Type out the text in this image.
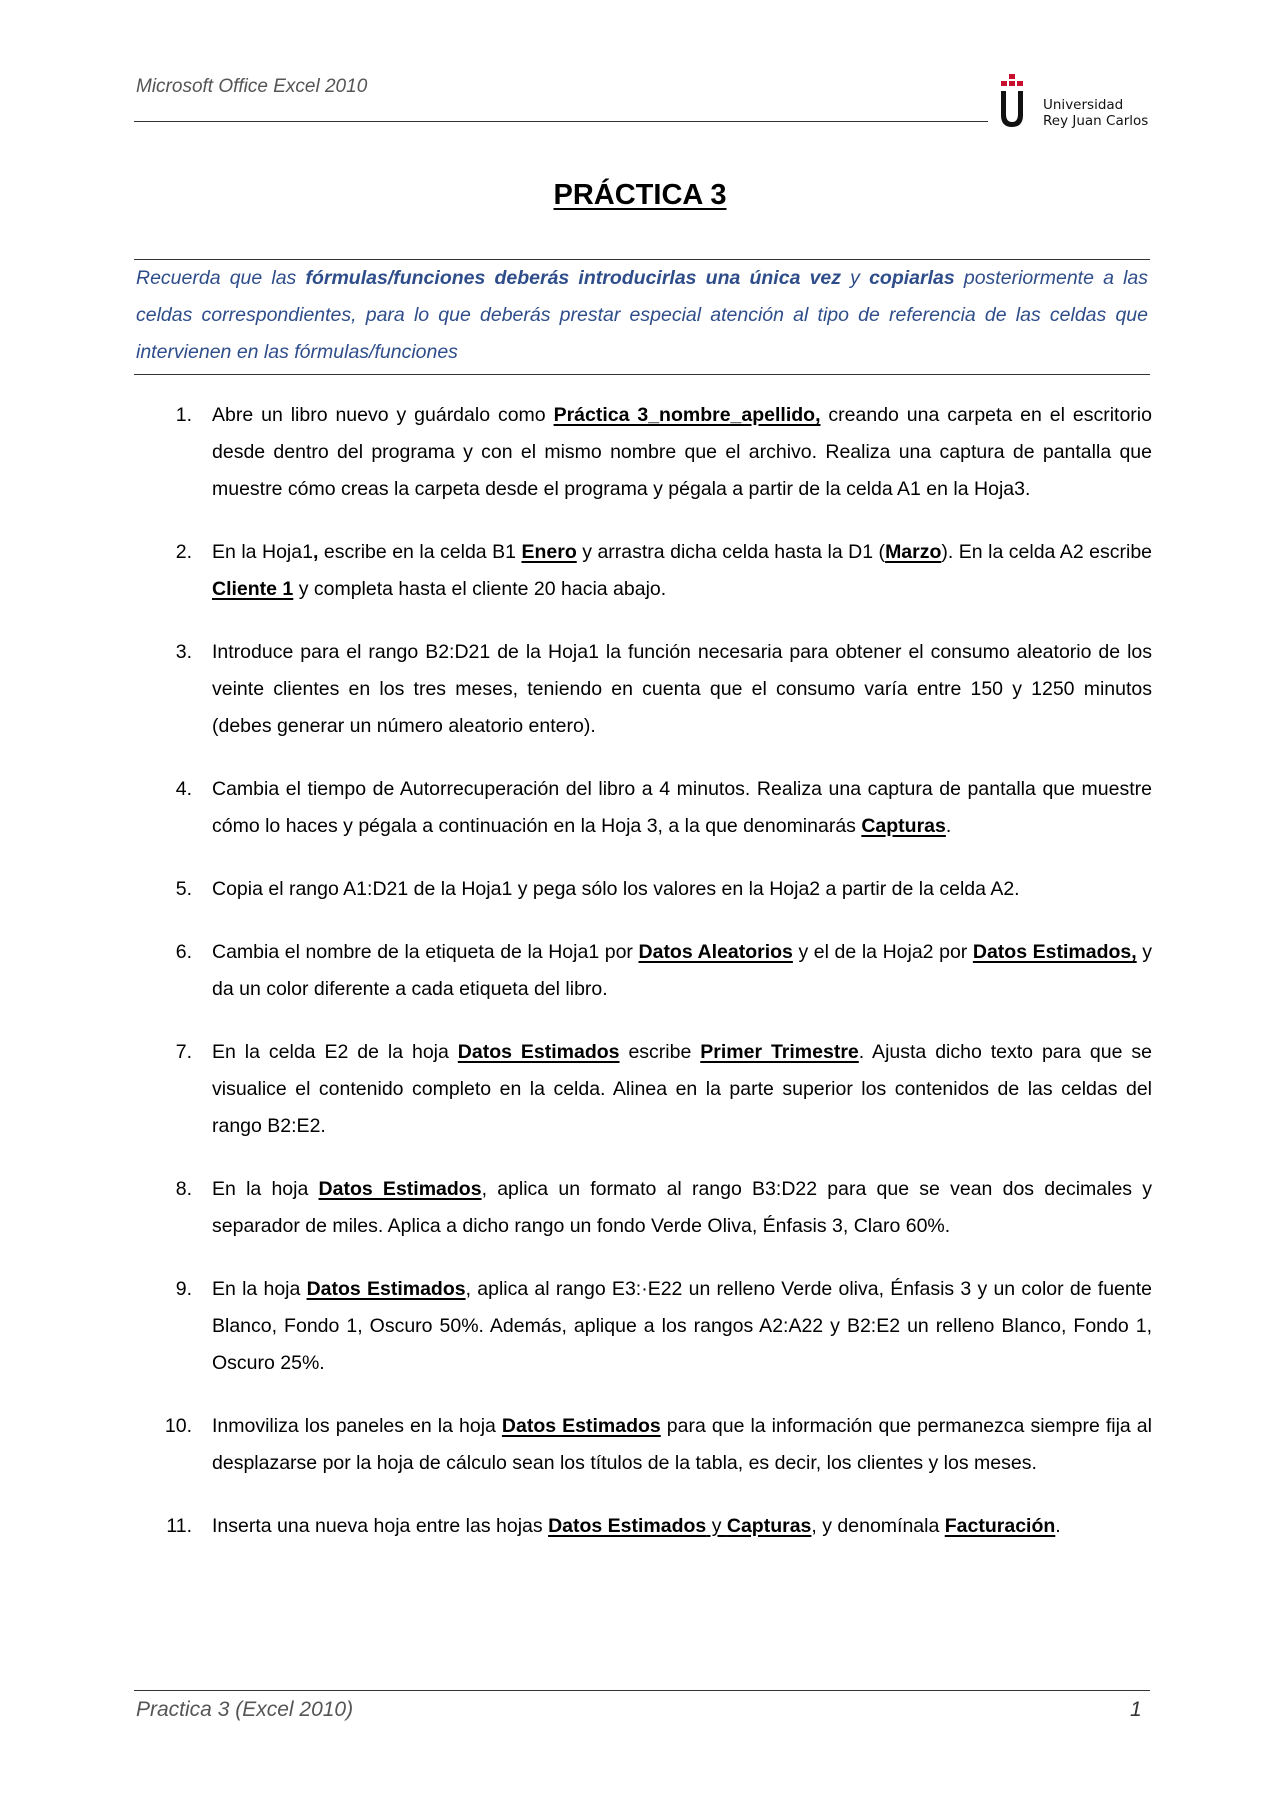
Microsoft Office Excel 2010
Universidad
Rey Juan Carlos
PRÁCTICA 3
Recuerda que las fórmulas/funciones deberás introducirlas una única vez y copiarlas posteriormente a las celdas correspondientes, para lo que deberás prestar especial atención al tipo de referencia de las celdas que intervienen en las fórmulas/funciones
1. Abre un libro nuevo y guárdalo como Práctica 3_nombre_apellido, creando una carpeta en el escritorio desde dentro del programa y con el mismo nombre que el archivo. Realiza una captura de pantalla que muestre cómo creas la carpeta desde el programa y pégala a partir de la celda A1 en la Hoja3.
2. En la Hoja1, escribe en la celda B1 Enero y arrastra dicha celda hasta la D1 (Marzo). En la celda A2 escribe Cliente 1 y completa hasta el cliente 20 hacia abajo.
3. Introduce para el rango B2:D21 de la Hoja1 la función necesaria para obtener el consumo aleatorio de los veinte clientes en los tres meses, teniendo en cuenta que el consumo varía entre 150 y 1250 minutos (debes generar un número aleatorio entero).
4. Cambia el tiempo de Autorrecuperación del libro a 4 minutos. Realiza una captura de pantalla que muestre cómo lo haces y pégala a continuación en la Hoja 3, a la que denominarás Capturas.
5. Copia el rango A1:D21 de la Hoja1 y pega sólo los valores en la Hoja2 a partir de la celda A2.
6. Cambia el nombre de la etiqueta de la Hoja1 por Datos Aleatorios y el de la Hoja2 por Datos Estimados, y da un color diferente a cada etiqueta del libro.
7. En la celda E2 de la hoja Datos Estimados escribe Primer Trimestre. Ajusta dicho texto para que se visualice el contenido completo en la celda. Alinea en la parte superior los contenidos de las celdas del rango B2:E2.
8. En la hoja Datos Estimados, aplica un formato al rango B3:D22 para que se vean dos decimales y separador de miles. Aplica a dicho rango un fondo Verde Oliva, Énfasis 3, Claro 60%.
9. En la hoja Datos Estimados, aplica al rango E3:·E22 un relleno Verde oliva, Énfasis 3 y un color de fuente Blanco, Fondo 1, Oscuro 50%. Además, aplique a los rangos A2:A22 y B2:E2 un relleno Blanco, Fondo 1, Oscuro 25%.
10. Inmoviliza los paneles en la hoja Datos Estimados para que la información que permanezca siempre fija al desplazarse por la hoja de cálculo sean los títulos de la tabla, es decir, los clientes y los meses.
11. Inserta una nueva hoja entre las hojas Datos Estimados y Capturas, y denomínala Facturación.
Practica 3 (Excel 2010)	1
